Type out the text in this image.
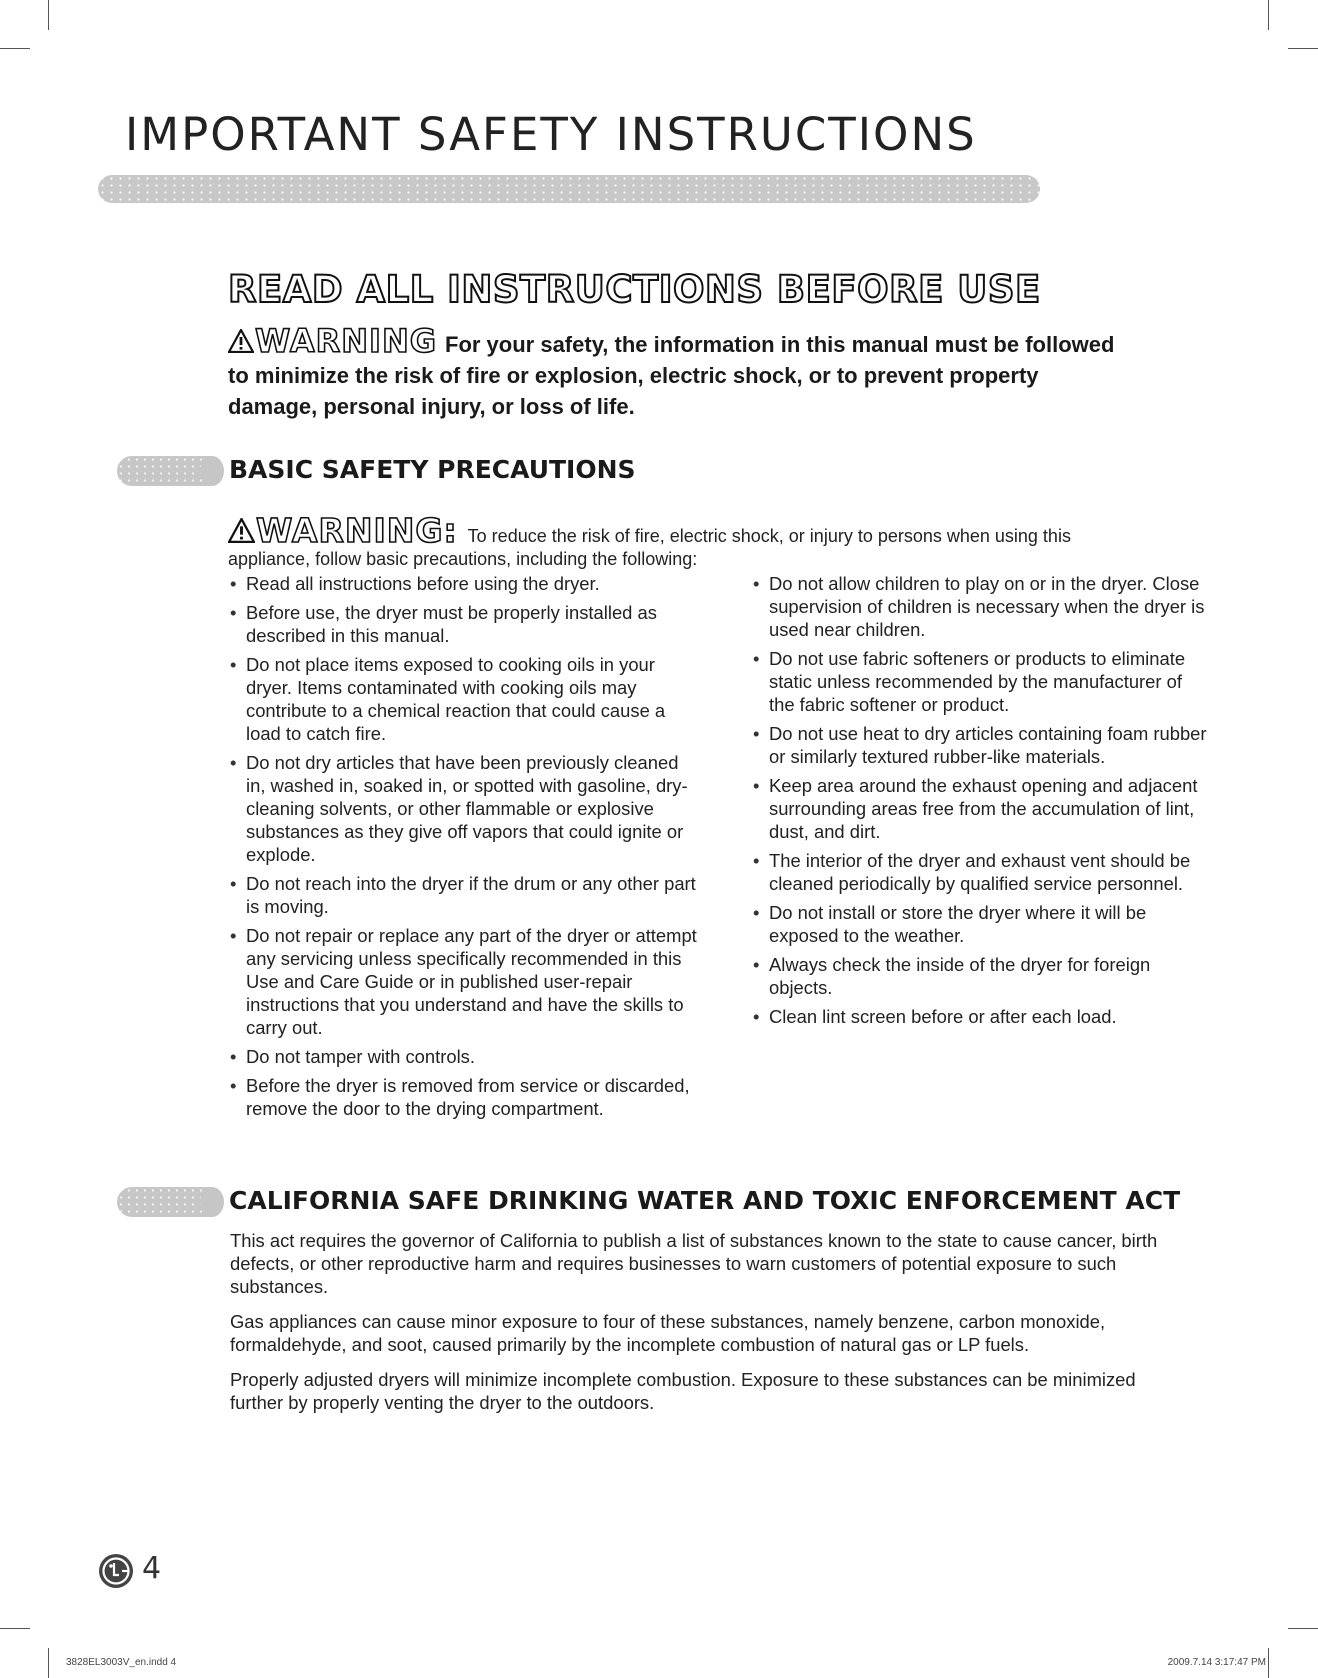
IMPORTANT SAFETY INSTRUCTIONS
READ ALL INSTRUCTIONS BEFORE USE
WARNING For your safety, the information in this manual must be followed to minimize the risk of fire or explosion, electric shock, or to prevent property damage, personal injury, or loss of life.
BASIC SAFETY PRECAUTIONS
WARNING: To reduce the risk of fire, electric shock, or injury to persons when using this
appliance, follow basic precautions, including the following:
• Read all instructions before using the dryer.
• Before use, the dryer must be properly installed as described in this manual.
• Do not place items exposed to cooking oils in your dryer. Items contaminated with cooking oils may contribute to a chemical reaction that could cause a load to catch fire.
• Do not dry articles that have been previously cleaned in, washed in, soaked in, or spotted with gasoline, dry-cleaning solvents, or other flammable or explosive substances as they give off vapors that could ignite or explode.
• Do not reach into the dryer if the drum or any other part is moving.
• Do not repair or replace any part of the dryer or attempt any servicing unless specifically recommended in this Use and Care Guide or in published user-repair instructions that you understand and have the skills to carry out.
• Do not tamper with controls.
• Before the dryer is removed from service or discarded, remove the door to the drying compartment.
• Do not allow children to play on or in the dryer. Close supervision of children is necessary when the dryer is used near children.
• Do not use fabric softeners or products to eliminate static unless recommended by the manufacturer of the fabric softener or product.
• Do not use heat to dry articles containing foam rubber or similarly textured rubber-like materials.
• Keep area around the exhaust opening and adjacent surrounding areas free from the accumulation of lint, dust, and dirt.
• The interior of the dryer and exhaust vent should be cleaned periodically by qualified service personnel.
• Do not install or store the dryer where it will be exposed to the weather.
• Always check the inside of the dryer for foreign objects.
• Clean lint screen before or after each load.
CALIFORNIA SAFE DRINKING WATER AND TOXIC ENFORCEMENT ACT

This act requires the governor of California to publish a list of substances known to the state to cause cancer, birth defects, or other reproductive harm and requires businesses to warn customers of potential exposure to such substances.

Gas appliances can cause minor exposure to four of these substances, namely benzene, carbon monoxide, formaldehyde, and soot, caused primarily by the incomplete combustion of natural gas or LP fuels.

Properly adjusted dryers will minimize incomplete combustion. Exposure to these substances can be minimized further by properly venting the dryer to the outdoors.

4
3828EL3003V_en.indd 4	2009.7.14 3:17:47 PM
